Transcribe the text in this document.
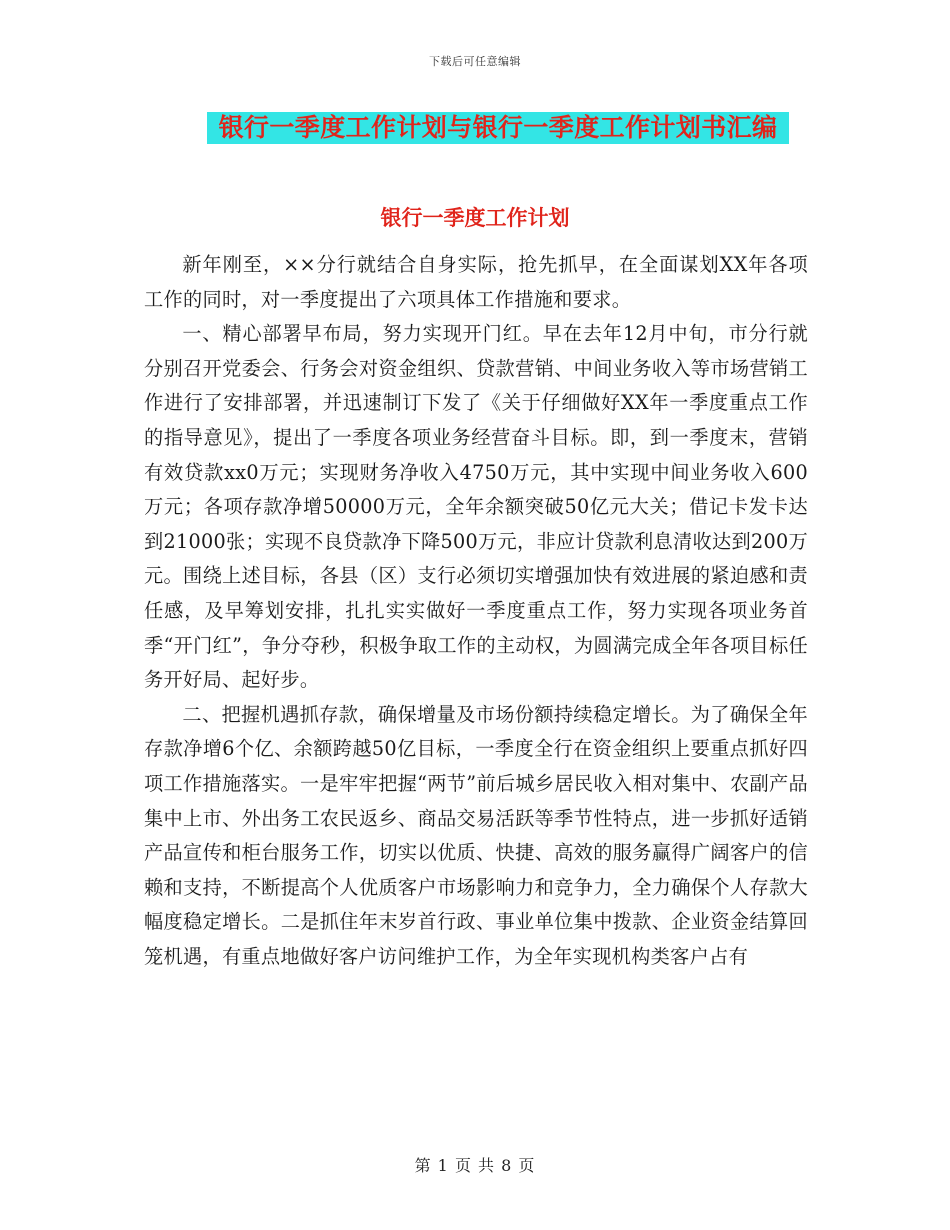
下载后可任意编辑
银行一季度工作计划与银行一季度工作计划书汇编
银行一季度工作计划

新年刚至，××分行就结合自身实际，抢先抓早，在全面谋划XX年各项工作的同时，对一季度提出了六项具体工作措施和要求。

一、精心部署早布局，努力实现开门红。早在去年12月中旬，市分行就分别召开党委会、行务会对资金组织、贷款营销、中间业务收入等市场营销工作进行了安排部署，并迅速制订下发了《关于仔细做好XX年一季度重点工作的指导意见》，提出了一季度各项业务经营奋斗目标。即，到一季度末，营销有效贷款xx0万元；实现财务净收入4750万元，其中实现中间业务收入600万元；各项存款净增50000万元，全年余额突破50亿元大关；借记卡发卡达到21000张；实现不良贷款净下降500万元，非应计贷款利息清收达到200万元。围绕上述目标，各县（区）支行必须切实增强加快有效进展的紧迫感和责任感，及早筹划安排，扎扎实实做好一季度重点工作，努力实现各项业务首季“开门红”，争分夺秒，积极争取工作的主动权，为圆满完成全年各项目标任务开好局、起好步。

二、把握机遇抓存款，确保增量及市场份额持续稳定增长。为了确保全年存款净增6个亿、余额跨越50亿目标，一季度全行在资金组织上要重点抓好四项工作措施落实。一是牢牢把握“两节”前后城乡居民收入相对集中、农副产品集中上市、外出务工农民返乡、商品交易活跃等季节性特点，进一步抓好适销产品宣传和柜台服务工作，切实以优质、快捷、高效的服务赢得广阔客户的信赖和支持，不断提高个人优质客户市场影响力和竞争力，全力确保个人存款大幅度稳定增长。二是抓住年末岁首行政、事业单位集中拨款、企业资金结算回笼机遇，有重点地做好客户访问维护工作，为全年实现机构类客户占有

第 1 页 共 8 页
